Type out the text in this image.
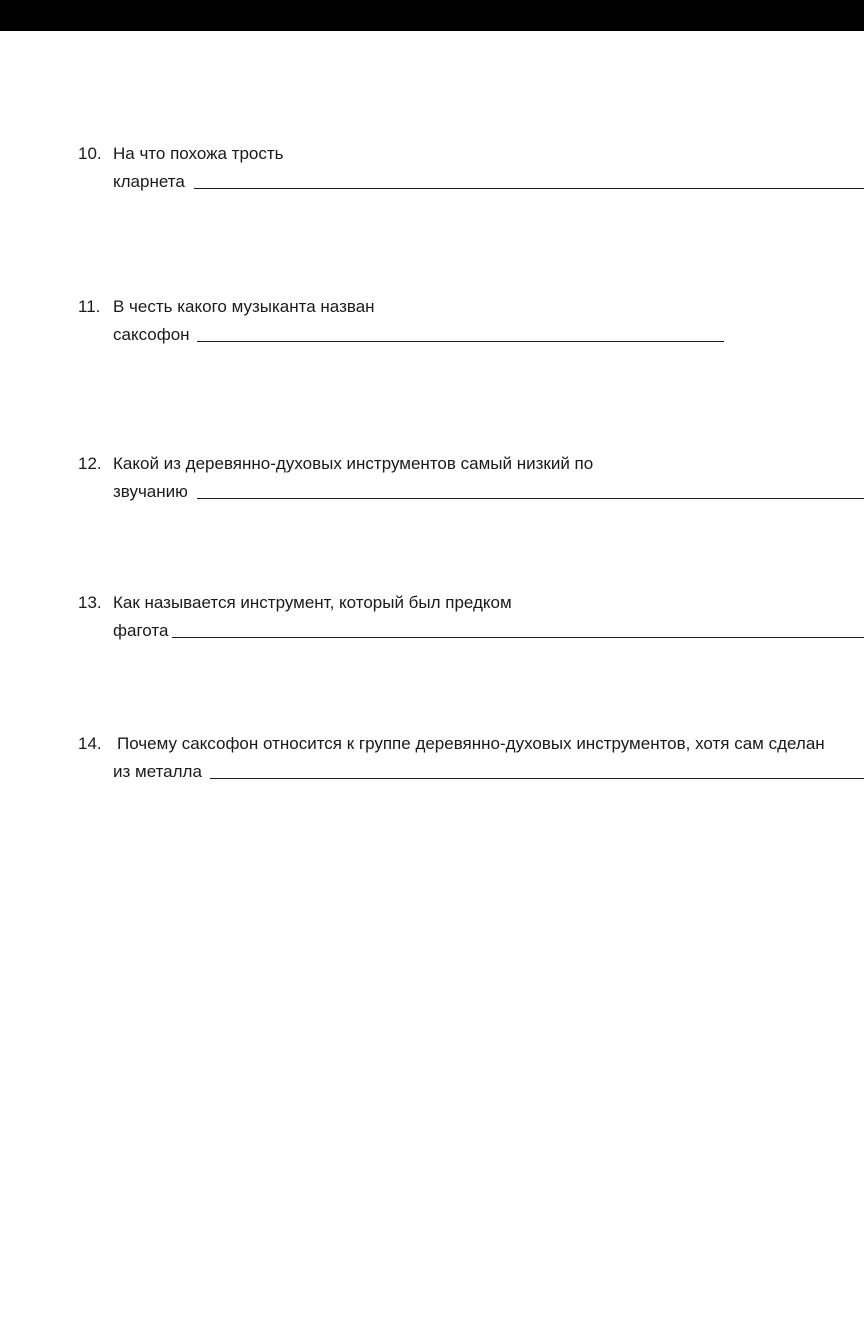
10. На что похожа трость
кларнета
11. В честь какого музыканта назван
саксофон
12. Какой из деревянно-духовых инструментов самый низкий по
звучанию
13. Как называется инструмент, который был предком
фагота
14. Почему саксофон относится к группе деревянно-духовых инструментов, хотя сам сделан
из металла
